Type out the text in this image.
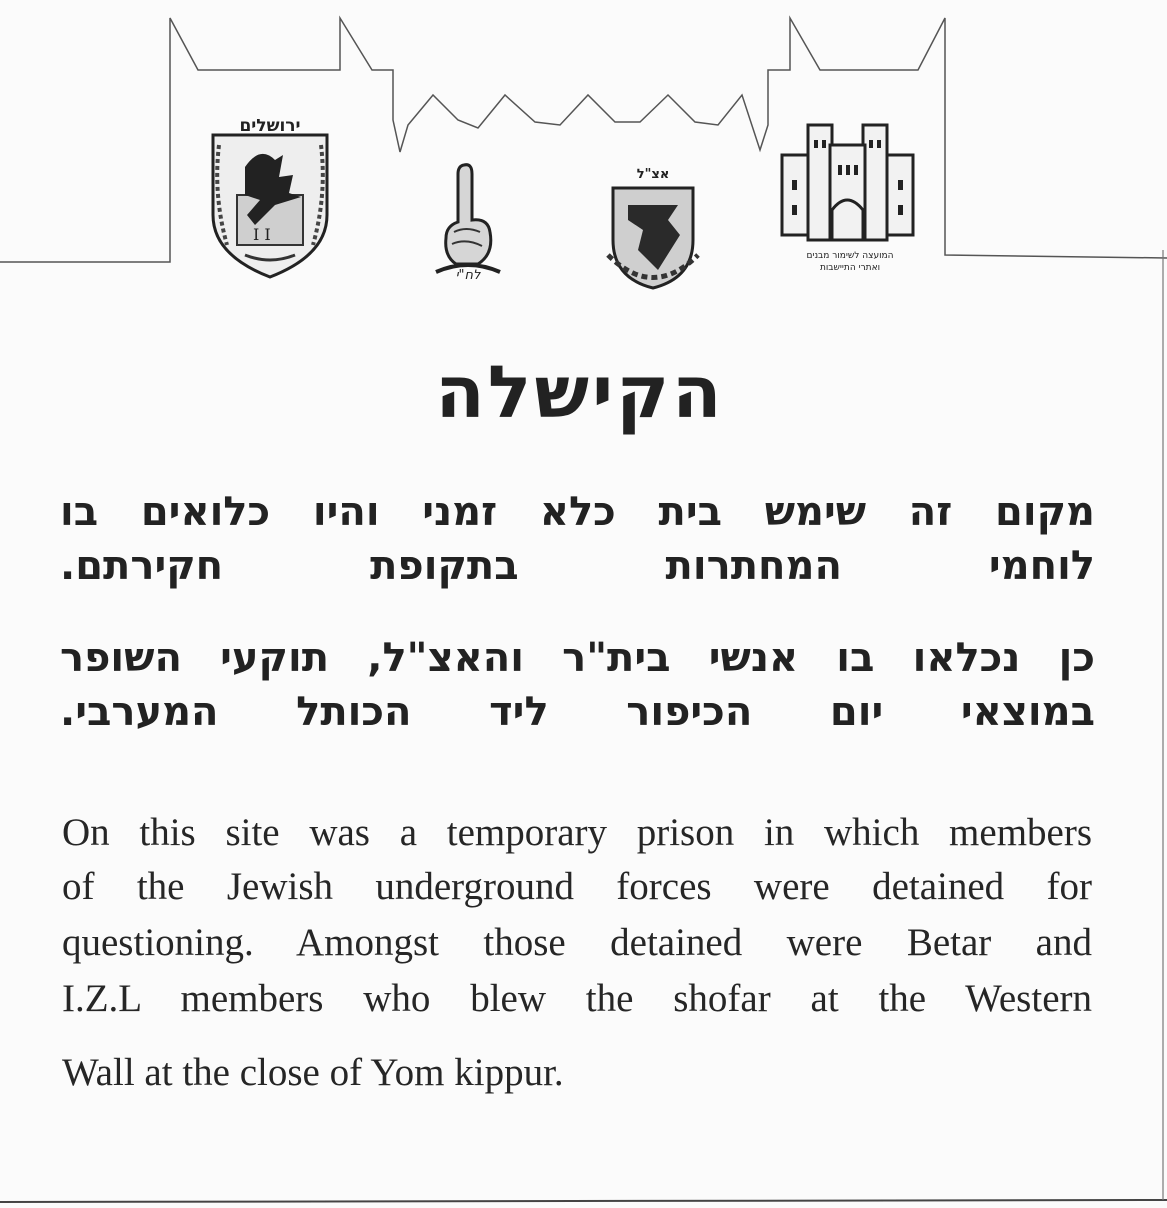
I I
ירושלים
אצ"ל
לח"י
המועצה לשימור מבנים
ואתרי התיישבות
הקישלה
מקום זה שימש בית כלא זמני והיו כלואים בו
לוחמי המחתרות בתקופת חקירתם.
כן נכלאו בו אנשי בית"ר והאצ"ל, תוקעי השופר
במוצאי יום הכיפור ליד הכותל המערבי.
On this site was a temporary prison in which members
of the Jewish underground forces were detained for
questioning. Amongst those detained were Betar and
I.Z.L members who blew the shofar at the Western
Wall at the close of Yom kippur.
